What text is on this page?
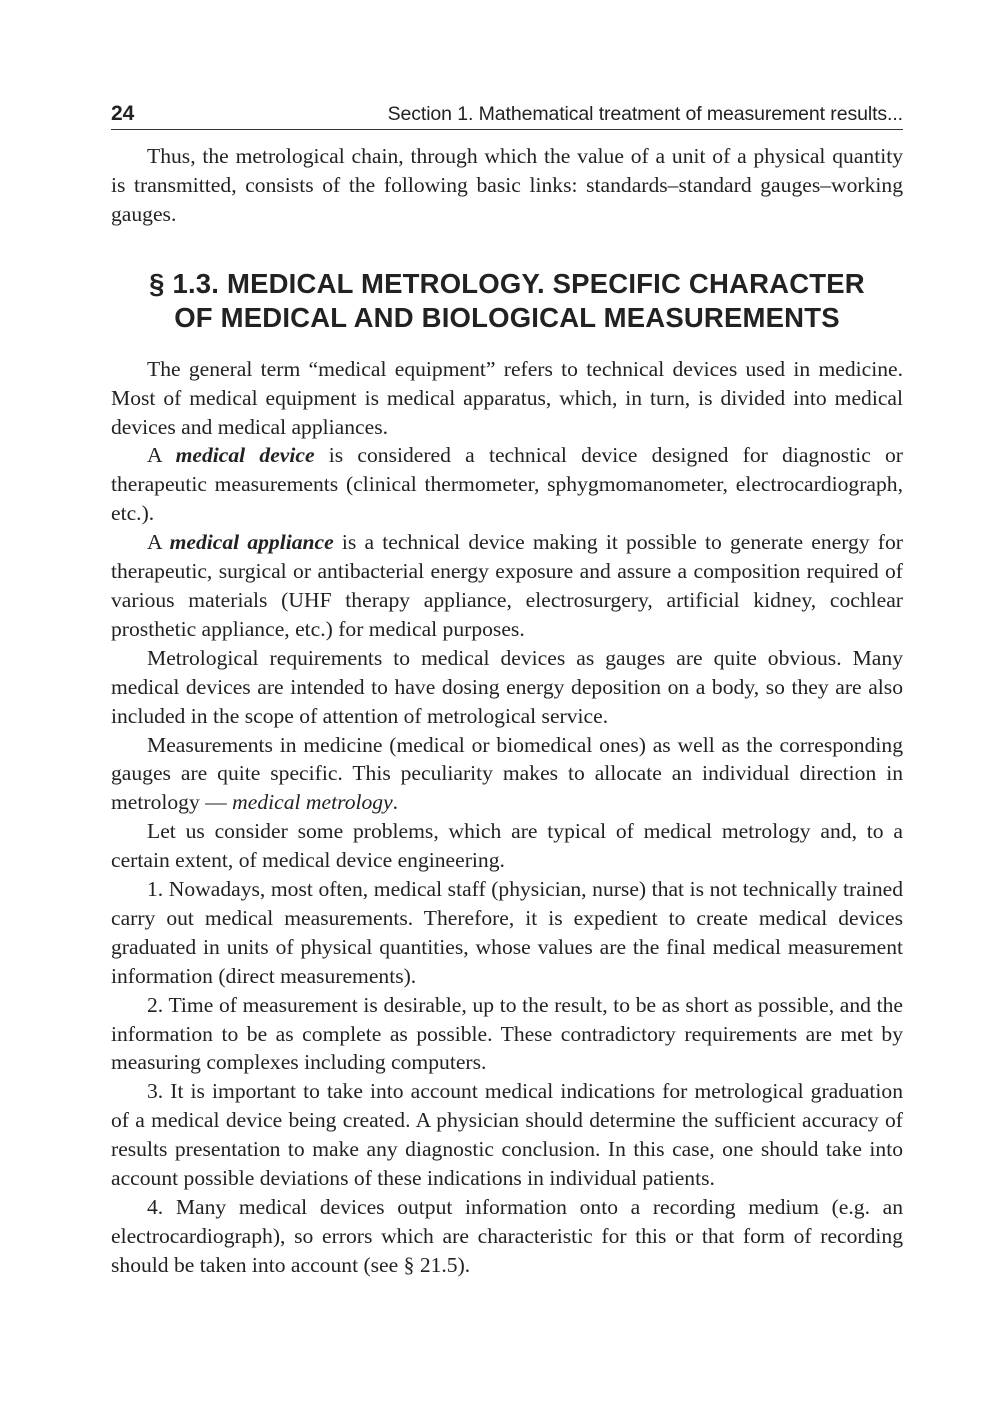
24	Section 1. Mathematical treatment of measurement results...

Thus, the metrological chain, through which the value of a unit of a physical quantity is transmitted, consists of the following basic links: standards–standard gauges–working gauges.

§ 1.3. MEDICAL METROLOGY. SPECIFIC CHARACTER
OF MEDICAL AND BIOLOGICAL MEASUREMENTS

The general term “medical equipment” refers to technical devices used in medicine. Most of medical equipment is medical apparatus, which, in turn, is divided into medical devices and medical appliances.

A medical device is considered a technical device designed for diagnostic or therapeutic measurements (clinical thermometer, sphygmomanometer, electrocardiograph, etc.).

A medical appliance is a technical device making it possible to generate energy for therapeutic, surgical or antibacterial energy exposure and assure a composition required of various materials (UHF therapy appliance, electrosurgery, artificial kidney, cochlear prosthetic appliance, etc.) for medical purposes.

Metrological requirements to medical devices as gauges are quite obvious. Many medical devices are intended to have dosing energy deposition on a body, so they are also included in the scope of attention of metrological service.

Measurements in medicine (medical or biomedical ones) as well as the corresponding gauges are quite specific. This peculiarity makes to allocate an individual direction in metrology — medical metrology.

Let us consider some problems, which are typical of medical metrology and, to a certain extent, of medical device engineering.

1. Nowadays, most often, medical staff (physician, nurse) that is not technically trained carry out medical measurements. Therefore, it is expedient to create medical devices graduated in units of physical quantities, whose values are the final medical measurement information (direct measurements).

2. Time of measurement is desirable, up to the result, to be as short as possible, and the information to be as complete as possible. These contradictory requirements are met by measuring complexes including computers.

3. It is important to take into account medical indications for metrological graduation of a medical device being created. A physician should determine the sufficient accuracy of results presentation to make any diagnostic conclusion. In this case, one should take into account possible deviations of these indications in individual patients.

4. Many medical devices output information onto a recording medium (e.g. an electrocardiograph), so errors which are characteristic for this or that form of recording should be taken into account (see § 21.5).
